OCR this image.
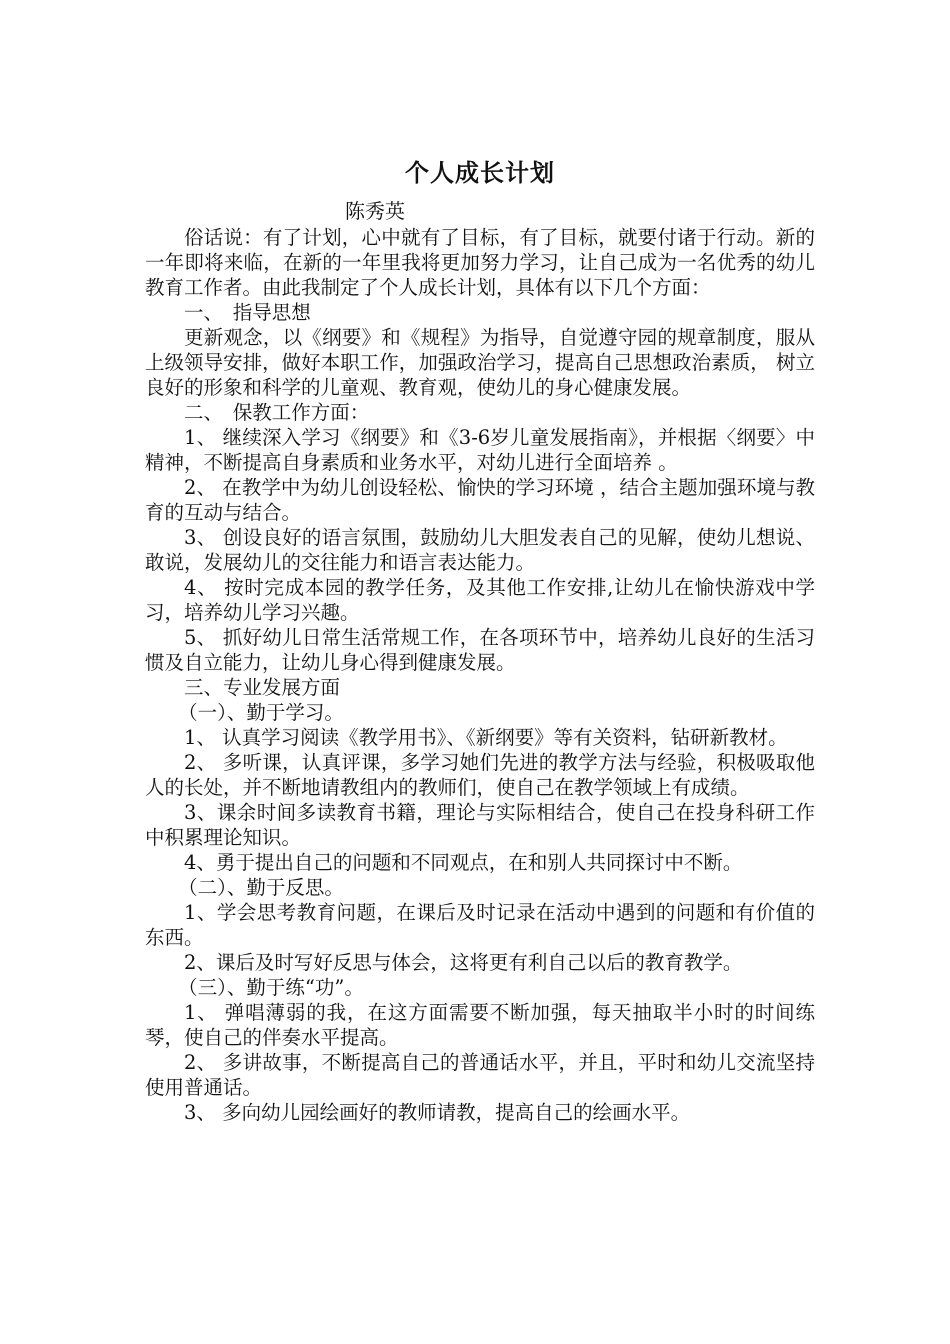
个人成长计划
陈秀英

俗话说：有了计划，心中就有了目标，有了目标，就要付诸于行动。新的一年即将来临，在新的一年里我将更加努力学习，让自己成为一名优秀的幼儿教育工作者。由此我制定了个人成长计划，具体有以下几个方面：

一、　指导思想

更新观念，以《纲要》和《规程》为指导，自觉遵守园的规章制度，服从上级领导安排，做好本职工作，加强政治学习，提高自己思想政治素质， 树立良好的形象和科学的儿童观、教育观，使幼儿的身心健康发展。

二、　保教工作方面：

1、 继续深入学习《纲要》和《3-6岁儿童发展指南》，并根据〈纲要〉中精神，不断提高自身素质和业务水平，对幼儿进行全面培养 。

2、 在教学中为幼儿创设轻松、愉快的学习环境 ，结合主题加强环境与教育的互动与结合。

3、 创设良好的语言氛围，鼓励幼儿大胆发表自己的见解，使幼儿想说、敢说，发展幼儿的交往能力和语言表达能力。

4、 按时完成本园的教学任务，及其他工作安排,让幼儿在愉快游戏中学习，培养幼儿学习兴趣。

5、 抓好幼儿日常生活常规工作，在各项环节中，培养幼儿良好的生活习惯及自立能力，让幼儿身心得到健康发展。

三、专业发展方面

（一）、勤于学习。

1、 认真学习阅读《教学用书》、《新纲要》等有关资料，钻研新教材。

2、 多听课，认真评课，多学习她们先进的教学方法与经验，积极吸取他人的长处，并不断地请教组内的教师们，使自己在教学领域上有成绩。

3、课余时间多读教育书籍，理论与实际相结合，使自己在投身科研工作中积累理论知识。

4、勇于提出自己的问题和不同观点，在和别人共同探讨中不断。

（二）、勤于反思。

1、学会思考教育问题，在课后及时记录在活动中遇到的问题和有价值的东西。

2、课后及时写好反思与体会，这将更有利自己以后的教育教学。

（三）、勤于练“功”。

1、 弹唱薄弱的我，在这方面需要不断加强，每天抽取半小时的时间练琴，使自己的伴奏水平提高。

2、 多讲故事，不断提高自己的普通话水平，并且，平时和幼儿交流坚持使用普通话。

3、 多向幼儿园绘画好的教师请教，提高自己的绘画水平。
